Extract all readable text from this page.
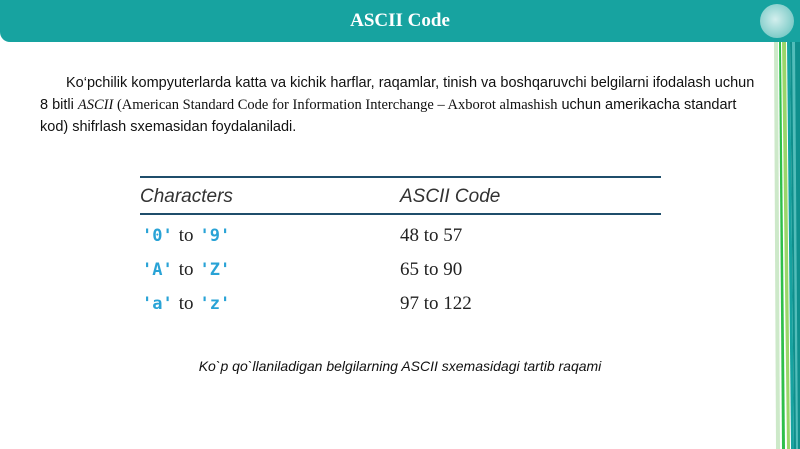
ASCII Code

Ko‘pchilik kompyuterlarda katta va kichik harflar, raqamlar, tinish va boshqaruvchi belgilarni ifodalash uchun 8 bitli ASCII (American Standard Code for Information Interchange – Axborot almashish uchun amerikacha standart kod) shifrlash sxemasidan foydalaniladi.

Characters	ASCII Code
'0' to '9'	48 to 57
'A' to 'Z'	65 to 90
'a' to 'z'	97 to 122
Ko`p qo`llaniladigan belgilarning ASCII sxemasidagi tartib raqami
